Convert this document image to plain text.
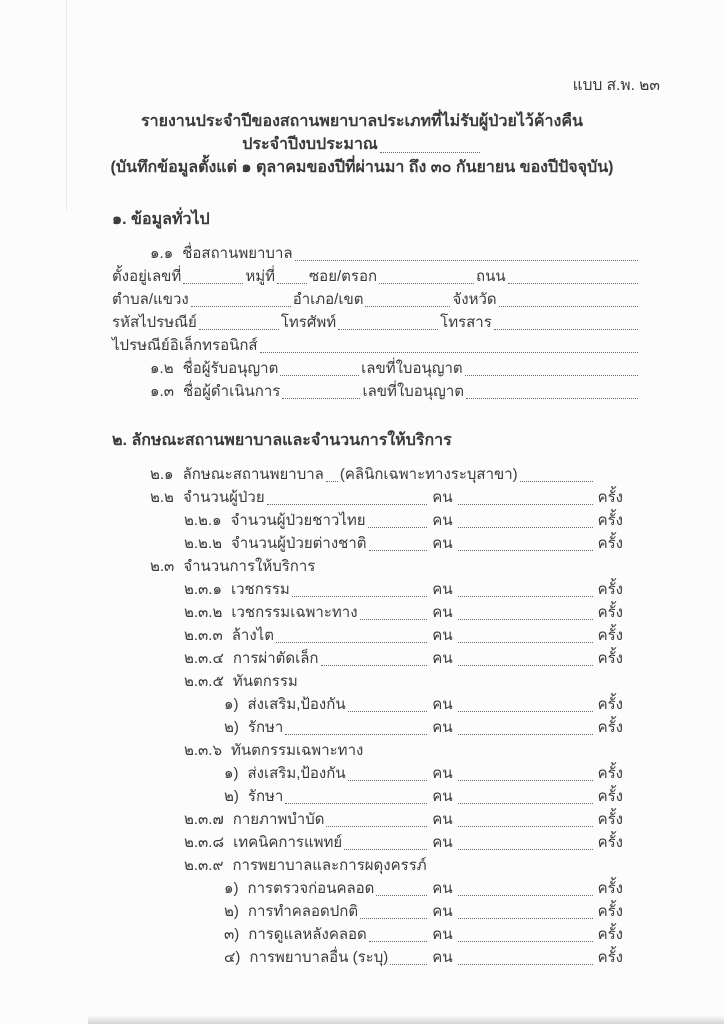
แบบ ส.พ. ๒๓
รายงานประจำปีของสถานพยาบาลประเภทที่ไม่รับผู้ป่วยไว้ค้างคืน
ประจำปีงบประมาณ
(บันทึกข้อมูลตั้งแต่ ๑ ตุลาคมของปีที่ผ่านมา ถึง ๓๐ กันยายน ของปีปัจจุบัน)
๑. ข้อมูลทั่วไป
๑.๑ ชื่อสถานพยาบาล
ตั้งอยู่เลขที่	หมู่ที่ ซอย/ตรอก	ถนน
ตำบล/แขวง	อำเภอ/เขต	จังหวัด
รหัสไปรษณีย์	โทรศัพท์	โทรสาร
ไปรษณีย์อิเล็กทรอนิกส์
๑.๒ ชื่อผู้รับอนุญาต	เลขที่ใบอนุญาต
๑.๓ ชื่อผู้ดำเนินการ	เลขที่ใบอนุญาต
๒. ลักษณะสถานพยาบาลและจำนวนการให้บริการ
๒.๑ ลักษณะสถานพยาบาล (คลินิกเฉพาะทางระบุสาขา)
๒.๒ จำนวนผู้ป่วย	คน	ครั้ง
๒.๒.๑ จำนวนผู้ป่วยชาวไทย	คน	ครั้ง
๒.๒.๒ จำนวนผู้ป่วยต่างชาติ	คน	ครั้ง
๒.๓ จำนวนการให้บริการ
๒.๓.๑ เวชกรรม	คน	ครั้ง
๒.๓.๒ เวชกรรมเฉพาะทาง	คน	ครั้ง
๒.๓.๓ ล้างไต	คน	ครั้ง
๒.๓.๔ การผ่าตัดเล็ก	คน	ครั้ง
๒.๓.๕ ทันตกรรม
๑) ส่งเสริม,ป้องกัน	คน	ครั้ง
๒) รักษา	คน	ครั้ง
๒.๓.๖ ทันตกรรมเฉพาะทาง
๑) ส่งเสริม,ป้องกัน	คน	ครั้ง
๒) รักษา	คน	ครั้ง
๒.๓.๗ กายภาพบำบัด	คน	ครั้ง
๒.๓.๘ เทคนิคการแพทย์	คน	ครั้ง
๒.๓.๙ การพยาบาลและการผดุงครรภ์
๑) การตรวจก่อนคลอด	คน	ครั้ง
๒) การทำคลอดปกติ	คน	ครั้ง
๓) การดูแลหลังคลอด	คน	ครั้ง
๔) การพยาบาลอื่น (ระบุ)	คน	ครั้ง
